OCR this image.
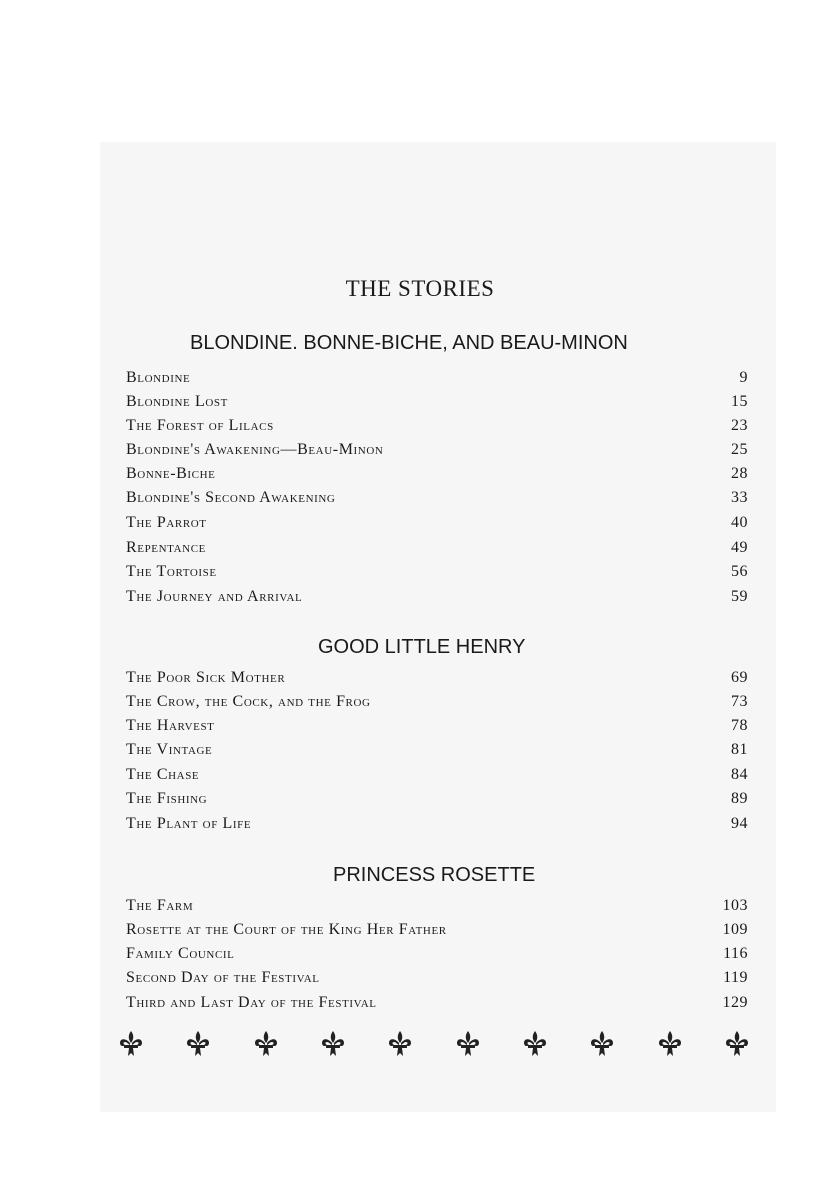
THE STORIES
BLONDINE. BONNE-BICHE, AND BEAU-MINON
Blondine	9
Blondine Lost	15
The Forest of Lilacs	23
Blondine's Awakening—Beau-Minon	25
Bonne-Biche	28
Blondine's Second Awakening	33
The Parrot	40
Repentance	49
The Tortoise	56
The Journey and Arrival	59
GOOD LITTLE HENRY
The Poor Sick Mother	69
The Crow, the Cock, and the Frog	73
The Harvest	78
The Vintage	81
The Chase	84
The Fishing	89
The Plant of Life	94
PRINCESS ROSETTE
The Farm	103
Rosette at the Court of the King Her Father	109
Family Council	116
Second Day of the Festival	119
Third and Last Day of the Festival	129
